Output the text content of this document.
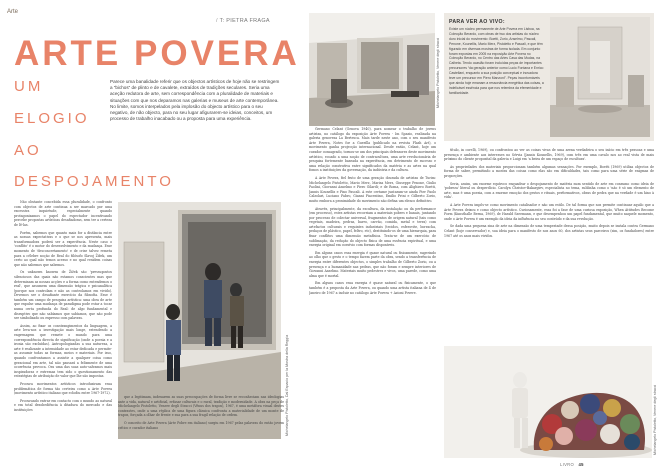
Arte
/ T: PIETRA FRAGA
ARTE POVERA
UM
ELOGIO
AO
DESPOJAMENTO
Parece uma banalidade referir que os objectos artísticos de hoje não se restringem a “bichos” de plinto e de cavalete, extraídos de tradições seculares. Seria uma aceção redutora de arte, sem correspondência com a pluralidade de materiais e situações com que nos deparamos nas galerias e museus de arte contemporânea. No limite, somos interpelados pela implosão do objecto artístico para o seu negativo, de não objecto, para no seu lugar afigurarem-se ideias, conceitos, um processo de trabalho inacabado ou a proposta para uma experiência.

Não obstante concebida essa pluralidade, o confronto com objectos de arte continua a ser marcado por uma excessiva inquietude, especialmente quando protagonizamos o papel do espectador incentivando percebe propostas artísticas desafiadoras, sem ter a certeza de lê-las.

Porém, sabemos que quanto mais for a distância entre as nossas expectativas e o que se nos apresenta, mais transformadora poderá ser a experiência. Neste caso o 'conflito' é o motor do desenvolvimento e da mudança. Esse momento de 'desconcertamento' e de crise talvez remeta para a célebre noção de Real do filósofo Slavoj Žižek, um certo ao qual não temos acesso e no qual residem coisas que não sabemos que sabemos.

Os unknown knowns de Žižek são 'pressupostos silenciosos das quais não estamos conscientes mas que determinam as nossas acções e a forma como entendemos o real', que assumem uma dimensão trágica e psicanalítica (porque nos controlam e não as controlamos em vivido). Devemos ser o desafiante exercício da filosofia. Esse é também um campo de pesquisa artística: uma obra de arte que expulse uma mudança de paradigma pode estar a tocar numa certa profunda do Real: de algo fundamental e disruptivo que não sabíamos que sabíamos, que não pode ser simbolizado ou expresso com palavras.

Assim, ao fixar os constrangimentos da linguagem, a arte leva-nos a investigação mais longe, estendendo a engrenagem que remete o mundo para uma correspondência directa de significação (onde a poesia e a ironia são excluídas). Antropologizadas a sua natureza, a arte é realizante a intensidade ao estar dedicada e permite-as assumir todas as formas, meios e materiais. Por isso, quando confrontamos a assistir a qualquer coisa como geracional em arte, tal não passará a felizmente de uma ocorrência provoca. Ora uma das suas auto-salvamos mais inspiradoras e extremas tem sido o questionamento das estratégias de atribuição de valor que lhe são impostas.

Procura movimentos artísticos introduziram essa problemática de forma tão certeira como a Arte Povera (movimento artístico italiano que eclodiu entre 1967-1972).

Procurando entrar em contacto com o mundo ao natural e em total desobediência à ditadura do mercado e das instituições	Michelangelo Pistoletto, Dal Espacio per la Mostra della Reggia

que a legitimam, indexarem as suas preocupações de forma livre se reconheciam nas ideologias ante a vida, natural e artificial, erfasar culturais e o rural, tradição e modernidade. A obra na peça de Michelangelo Pistoletto, Venere degli Stracci (Vênus dos trapos), 1967, é uma metáfora visual destes contrastes, onde a uma réplica de uma figura clássica confronta a materialidade de um monte de trapos, forçada a olhar de frente e sua para a sua fragil relação de ordem.

O conceito de Arte Povera (Arte Pobre em italiano) surgiu em 1967 pelas palavras do então jovem crítico e curador italiano

Michelangelo Pistoletto, Venere degli stracci

Germano Celant (Genova 1940), para nomear o trabalho de jovens artistas, no catálogo da exposição Arte Povera - Im Spazio, realizada na galeria genovesa La Bertesca. Mais tarde neste ano, com o seu manifesto Arte Povera, Notes for a Guerilla (publicado na revista Flash Art), o movimento ganha projecção internacional. Desde então, Celant, hoje um curador consagrado, tornou-se um dos principais defensores deste movimento artístico, ecoado a uma noção de contracultura, uma arte revolucionária de pesquisa fortemente baseada na experiência, em detrimento de sucesso e uma relação construtiva entre significados da matéria e as artes na qual fomos a instituições da governação, da indústria e da cultura.

A Arte Povera, fiel fruto de uma geração dourada de artistas de Turim: Michelangelo Pistoletto, Mario Merz, Marisa Merz, Giuseppe Penone, Giulio Paolini, Giovanni Anselmo e Piero Gilardi; e de Roma, com Alighiero Boetti, Jannis Kounellis e Pino Pascali. A este certame juntaram-se ainda Pier Paolo Calzolari, Luciano Fabro, Gianni Piacentino, Emilio Prini e Gilberto Zorio, muito embora a proximidade do movimento não defina um elenco definitivo.

Através, principalmente, da escultura, da instalação ou da performance (em processo), estes artistas recorriam a materiais pobres e banais, juntando por processo de colectar universal, fragmentos de origem natural (tais como vegetais, madeira, pedras, barro, carvão, comida, metal e terra) com artefactos culturais e requintes industriais (tecidos, esferovite, borracha, pedaços de plástico, papel, feltro, etc), destituindo-os de uma hierarquia, para fixar conflitos uma dimensão metafísica. Trata-se de um exercício de sublimação, da redução do objecto física de uma essência espiritual, e uma energia original em convívio com formas disponíveis.

Em alguns casos essa energia é quase natural ou fisicamente, sugerindo ao olho que o gesto e o tempo fazem parte da obra, sendo a transferência de energia entre diferentes objectos, o simples trabalho de Gilberto Zorio, ou a presença e a humanidade nas pedras, que não foram e sempre interiores de Giovanni Anselmo. Materiais muito pedestres e vivos, uma parede, como uma alma que é mortal.

Em alguns casos essa energia é quase natural ou fisicamente, o que também é a proposta da Arte Povera, ou quando uma artista italiana de 4 de Janeiro de 1967 a incluir no catálogo Arte Povera + Azioni Povere.

PARA VER AO VIVO:
Existe um núcleo permanente de Arte Povera em Lisboa, na Colecção Berardo, com obras de two dos artistas do núcleo duro inicial do movimento: Boetti, Zorio, Anselmo, Pascali, Penone, Kounellis, Mario Merz, Pistoletto e Pascali, e que têm figurado em diversas mostras de forma isolada. Em conjunto foram expostas em 2005 na exposição Arte Povera no Colecção Berardo, no Centro das Artes Casa das Mudas, na Calheta. Tendo ocasião foram incluídas peças de importantes precursores “da geração anterior como Lucio Fontana e Enrico Castellani, enquanto a sua posição conceptual e inovadora teve um precursor em Piero Manzoni”. Peças incontornáveis que ainda hoje emanam a ressonância enegética das coisas, a indelicável essência para que nos relembra da efemeridade e familiaridade.

título, in corelli, 1969), ou confrontou ao ver as coisas vivas de uma arena verdadeira o seu início em três pessoas e uma presença e ambiente aos interesses no Sérvia (Jannis Kounellis, 1969), com três em uma cavalo nos ao real vista de mais próximo do cliente proposital da galeria e Luigi em 'a beira de um espaço de escultura'.

As propriedades dos materiais proporcionam também algumas sensações. Por exemplo, Boetti (1969) utiliza objectos de forma de saber, permitindo a mostra das coisas como elas são em dificuldades, tais como para uma série de enigmas de proporções.

Seria, assim, um enorme equívoco enquadrar o despojamento de matéria num sentido de arte em consumo como ideia de 'pobreza' literal ou desperdício. Carolyn Christov-Bakargiev, especialista no tema, sublinha como o 'não é só um elemento de arte, mas é uma poesia, com a enorme emoção dos gestos e rituais, performativos, obras de pedra que na verdade é um hino à vida'.

A Arte Povera impôs-se como movimento catalisador e não um estilo. De tal forma que nos permite continuar aquilo que a Arte Povera deixou e como objecto artístico. Curiosamente, essa foi a fase de uma curiosa exposição, When Attitudes Become Form (Kunsthalle Berna, 1969), de Harald Szeemann, e que desempenhou um papel fundamental, que muito naquele momento, onde o Arte Povera é um exemplo da ideia da influência no seu conteúdo e da sua revolução.

Se dada uma pequena sina de arte na dimensão de uma tempestade dessa posição, muito depois se instala contra Germano Celant (hoje conservador) e, sua ideia para o manifesto de nos anos 60, dos artistas seus parceiros (sim, os fundadores) entre 1967 até os anos mais vividos.

Michelangelo Pistoletto, Venere degli stracci
LIVRO 45
